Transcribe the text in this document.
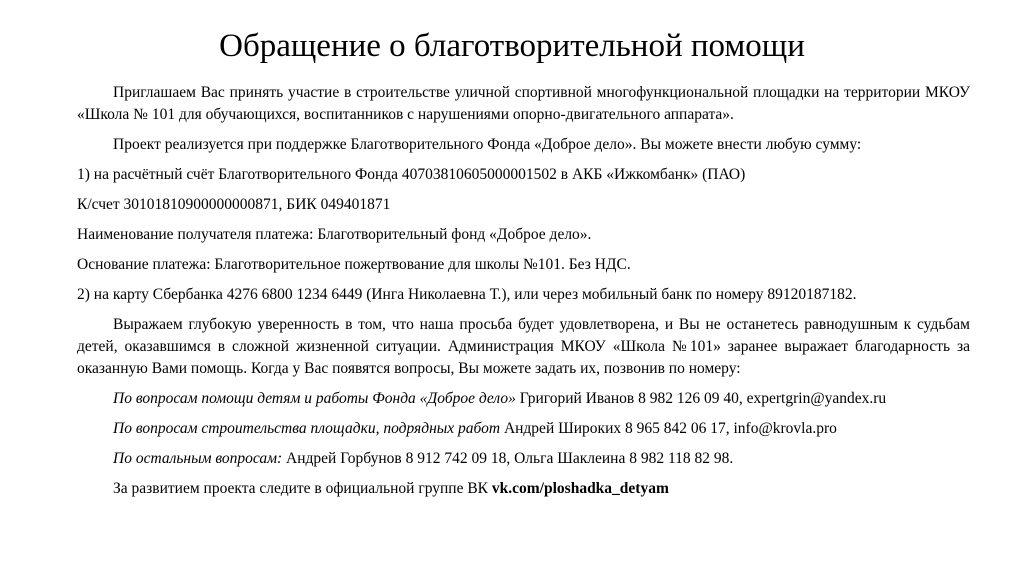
Обращение о благотворительной помощи

Приглашаем Вас принять участие в строительстве уличной спортивной многофункциональной площадки на территории МКОУ «Школа № 101 для обучающихся, воспитанников с нарушениями опорно-двигательного аппарата».

Проект реализуется при поддержке Благотворительного Фонда «Доброе дело». Вы можете внести любую сумму:

1) на расчётный счёт Благотворительного Фонда 40703810605000001502 в АКБ «Ижкомбанк» (ПАО)

К/счет 30101810900000000871, БИК 049401871

Наименование получателя платежа: Благотворительный фонд «Доброе дело».

Основание платежа: Благотворительное пожертвование для школы №101. Без НДС.

2) на карту Сбербанка 4276 6800 1234 6449 (Инга Николаевна Т.), или через мобильный банк по номеру 89120187182.

Выражаем глубокую уверенность в том, что наша просьба будет удовлетворена, и Вы не останетесь равнодушным к судьбам детей, оказавшимся в сложной жизненной ситуации. Администрация МКОУ «Школа №101» заранее выражает благодарность за оказанную Вами помощь. Когда у Вас появятся вопросы, Вы можете задать их, позвонив по номеру:

По вопросам помощи детям и работы Фонда «Доброе дело» Григорий Иванов 8 982 126 09 40, expertgrin@yandex.ru

По вопросам строительства площадки, подрядных работ Андрей Широких 8 965 842 06 17, info@krovla.pro

По остальным вопросам: Андрей Горбунов 8 912 742 09 18, Ольга Шаклеина 8 982 118 82 98.

За развитием проекта следите в официальной группе ВК vk.com/ploshadka_detyam
